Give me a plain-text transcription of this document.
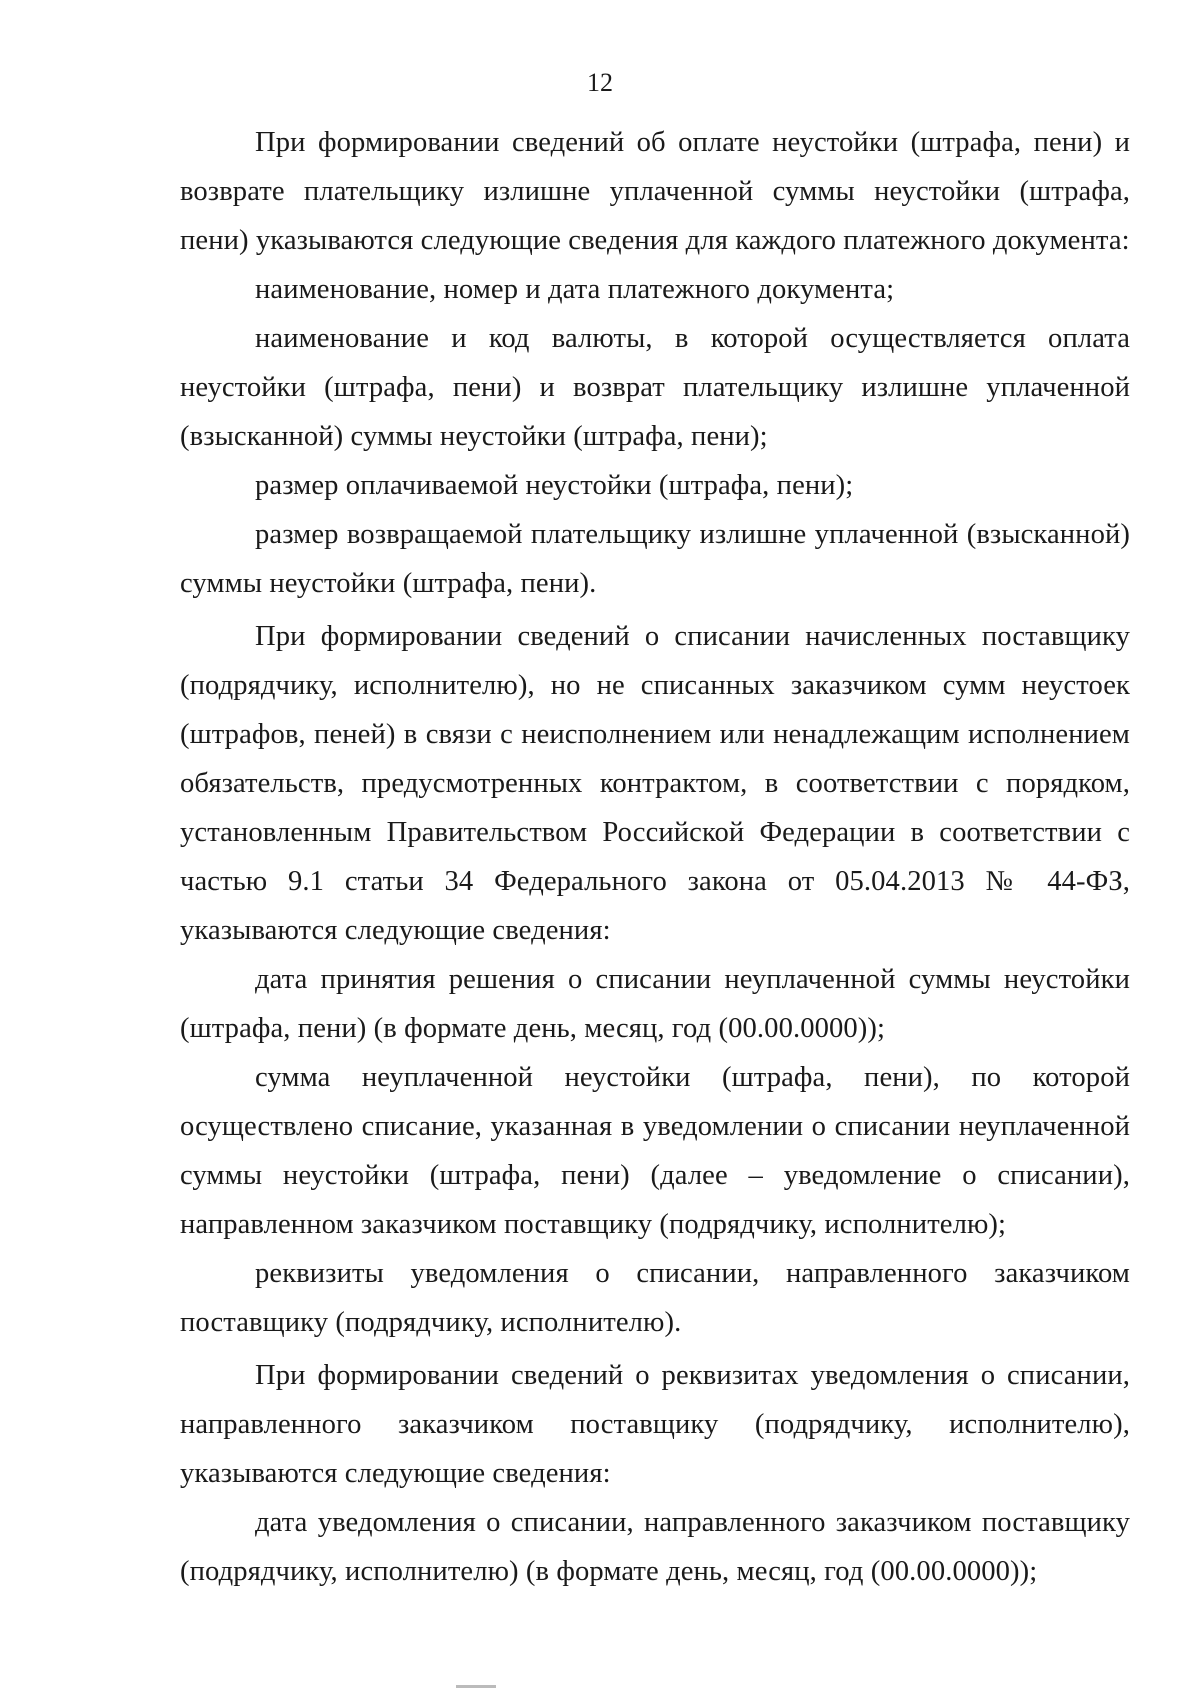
12

При формировании сведений об оплате неустойки (штрафа, пени) и возврате плательщику излишне уплаченной суммы неустойки (штрафа, пени) указываются следующие сведения для каждого платежного документа:

наименование, номер и дата платежного документа;

наименование и код валюты, в которой осуществляется оплата неустойки (штрафа, пени) и возврат плательщику излишне уплаченной (взысканной) суммы неустойки (штрафа, пени);

размер оплачиваемой неустойки (штрафа, пени);

размер возвращаемой плательщику излишне уплаченной (взысканной) суммы неустойки (штрафа, пени).

При формировании сведений о списании начисленных поставщику (подрядчику, исполнителю), но не списанных заказчиком сумм неустоек (штрафов, пеней) в связи с неисполнением или ненадлежащим исполнением обязательств, предусмотренных контрактом, в соответствии с порядком, установленным Правительством Российской Федерации в соответствии с частью 9.1 статьи 34 Федерального закона от 05.04.2013 № 44-ФЗ, указываются следующие сведения:

дата принятия решения о списании неуплаченной суммы неустойки (штрафа, пени) (в формате день, месяц, год (00.00.0000));

сумма неуплаченной неустойки (штрафа, пени), по которой осуществлено списание, указанная в уведомлении о списании неуплаченной суммы неустойки (штрафа, пени) (далее – уведомление о списании), направленном заказчиком поставщику (подрядчику, исполнителю);

реквизиты уведомления о списании, направленного заказчиком поставщику (подрядчику, исполнителю).

При формировании сведений о реквизитах уведомления о списании, направленного заказчиком поставщику (подрядчику, исполнителю), указываются следующие сведения:

дата уведомления о списании, направленного заказчиком поставщику (подрядчику, исполнителю) (в формате день, месяц, год (00.00.0000));
